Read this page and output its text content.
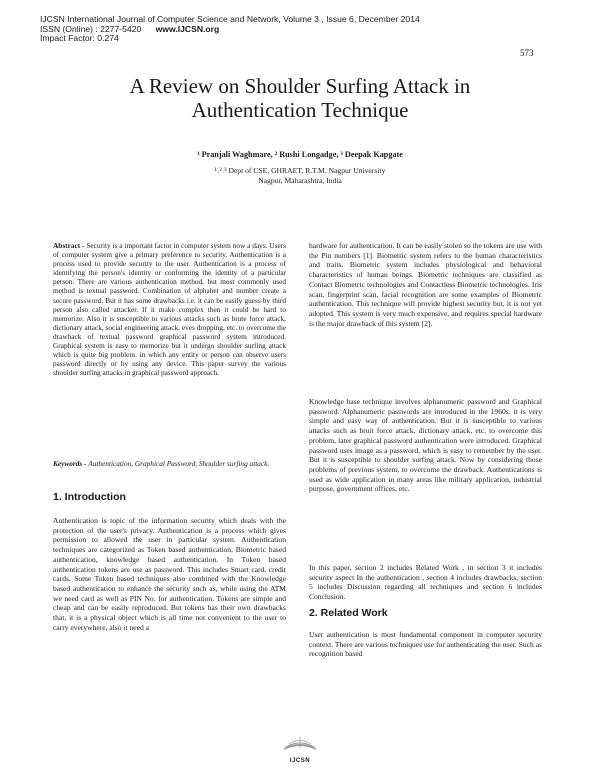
IJCSN International Journal of Computer Science and Network, Volume 3 , Issue 6, December 2014
ISSN (Online) : 2277-5420 www.IJCSN.org
Impact Factor: 0.274
573
A Review on Shoulder Surfing Attack in
Authentication Technique
¹ Pranjali Waghmare, ² Rushi Longadge, ³ Deepak Kapgate
¹˒²˒³ Dept of CSE, GHRAET, R.T.M. Nagpur University
Nagpur, Maharashtra, India
Abstract - Security is a important factor in computer system now a days. Users of computer system give a primary preference to security. Authentication is a process used to provide security to the user. Authentication is a process of identifying the person's identity or conforming the identity of a particular person. There are various authentication method, but most commonly used method is textual password. Combination of alphabet and number create a secure password. But it has some drawbacks i.e. it can be easily guess by third person also called attacker. If it make complex then it could be hard to memorize. Also it is susceptible to various attacks such as brute force attack, dictionary attack, social engineering attack, eves dropping, etc. to overcome the drawback of textual password graphical password system introduced. Graphical system is easy to memorize but it undergo shoulder surfing attack which is quite big problem. in which any entity or person can observe users password directly or by using any device. This paper survey the various shoulder surfing attacks in graphical password approach.
Keywords - Authentication, Graphical Password, Shoulder surfing attack.
1. Introduction
Authentication is topic of the information security which deals with the protection of the user's privacy. Authentication is a process which gives permission to allowed the user in particular system. Authentication techniques are categorized as Token based authentication, Biometric based authentication, knowledge based authentication. In Token based authentication tokens are use as password. This includes Smart card, credit cards. Some Token based techniques also combined with the Knowledge based authentication to enhance the security such as, while using the ATM we need card as well as PIN No. for authentication. Tokens are simple and cheap and can be easily reproduced. But tokens has their own drawbacks that, it is a physical object which is all time not convenient to the user to carry everywhere, also it need a
hardware for authentication. It can be easily stolen so the tokens are use with the Pin numbers [1]. Biometric system refers to the human characteristics and traits. Biometric system includes physiological and behavioral characteristics of human beings. Biometric techniques are classified as Contact Biometric technologies and Contactless Biometric technologies. Iris scan, fingerprint scan, facial recognition are some examples of Biometric authentication. This technique will provide highest security but, it is not yet adopted. This system is very much expensive, and requires special hardware is the major drawback of this system [2].
Knowledge base technique involves alphanumeric password and Graphical password. Alphanumeric passwords are introduced in the 1960s. it is very simple and easy way of authentication. But it is susceptible to various attacks such as bruit force attack, dictionary attack, etc. to overcome this problem, later graphical password authentication were introduced. Graphical password uses image as a password, which is easy to remember by the user. But it is susceptible to shoulder surfing attack. Now by considering those problems of previous system, to overcome the drawback. Authentications is used as wide application in many areas like military application, industrial purpose, government offices, etc.
In this paper, section 2 includes Related Work , in section 3 it includes security aspect In the authentication , section 4 includes drawbacks, section 5 includes Discussion regarding all techniques and section 6 includes Conclusion.
2. Related Work
User authentication is most fundamental component in computer security context. There are various techniques use for authenticating the user. Such as recognition based
IJCSN
